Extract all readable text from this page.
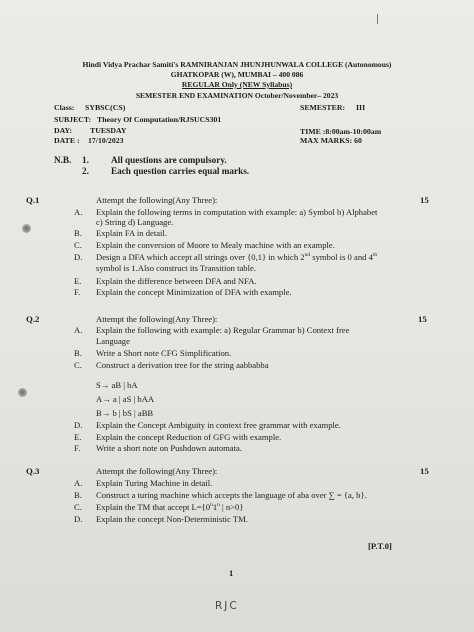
Hindi Vidya Prachar Samiti's RAMNIRANJAN JHUNJHUNWALA COLLEGE (Autonomous)
GHATKOPAR (W), MUMBAI – 400 086
REGULAR Only (NEW Syllabus)
SEMESTER END EXAMINATION October/November– 2023
Class: SYBSC(CS)	SEMESTER: III
SUBJECT: Theory Of Computation/RJSUCS301
DAY: TUESDAY	TIME :8:00am-10:00am
DATE : 17/10/2023	MAX MARKS: 60
N.B. 1. All questions are compulsory.
2. Each question carries equal marks.
Q.1	Attempt the following(Any Three):	15
A. Explain the following terms in computation with example: a) Symbol b) Alphabet
c) String d) Language.
B. Explain FA in detail.
C. Explain the conversion of Moore to Mealy machine with an example.
D. Design a DFA which accept all strings over {0,1} in which 2nd symbol is 0 and 4th
symbol is 1.Also construct its Transition table.
E. Explain the difference between DFA and NFA.
F. Explain the concept Minimization of DFA with example.
Q.2	Attempt the following(Any Three):	15
A. Explain the following with example: a) Regular Grammar b) Context free
Language
B. Write a Short note CFG Simplification.
C. Construct a derivation tree for the string aabbabba
S→ aB | bA
A→ a | aS | bAA
B→ b | bS | aBB
D. Explain the Concept Ambiguity in context free grammar with example.
E. Explain the concept Reduction of GFG with example.
F. Write a short note on Pushdown automata.
Q.3	Attempt the following(Any Three):	15
A. Explain Turing Machine in detail.
B. Construct a turing machine which accepts the language of aba over ∑ = {a, b}.
C. Explain the TM that accept $L=\{0^n1^n$ | n>0}
D. Explain the concept Non-Deterministic TM.
[P.T.0]
1
RJC
